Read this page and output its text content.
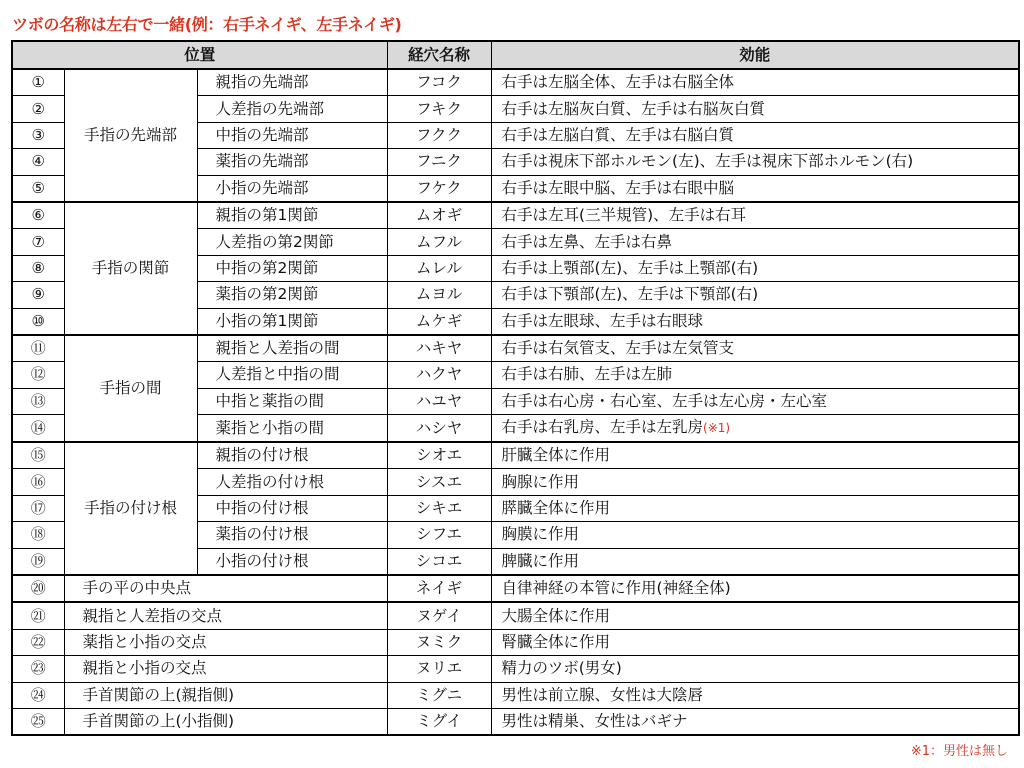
ツボの名称は左右で一緒(例：右手ネイギ、左手ネイギ)
位置			経穴名称	効能
①	手指の先端部	親指の先端部	フコク	右手は左脳全体、左手は右脳全体
②		人差指の先端部	フキク	右手は左脳灰白質、左手は右脳灰白質
③		中指の先端部	フクク	右手は左脳白質、左手は右脳白質
④		薬指の先端部	フニク	右手は視床下部ホルモン(左)、左手は視床下部ホルモン(右)
⑤		小指の先端部	フケク	右手は左眼中脳、左手は右眼中脳
⑥	手指の関節	親指の第1関節	ムオギ	右手は左耳(三半規管)、左手は右耳
⑦		人差指の第2関節	ムフル	右手は左鼻、左手は右鼻
⑧		中指の第2関節	ムレル	右手は上顎部(左)、左手は上顎部(右)
⑨		薬指の第2関節	ムヨル	右手は下顎部(左)、左手は下顎部(右)
⑩		小指の第1関節	ムケギ	右手は左眼球、左手は右眼球
⑪	手指の間	親指と人差指の間	ハキヤ	右手は右気管支、左手は左気管支
⑫		人差指と中指の間	ハクヤ	右手は右肺、左手は左肺
⑬		中指と薬指の間	ハユヤ	右手は右心房・右心室、左手は左心房・左心室
⑭		薬指と小指の間	ハシヤ	右手は右乳房、左手は左乳房(※1)
⑮	手指の付け根	親指の付け根	シオエ	肝臓全体に作用
⑯		人差指の付け根	シスエ	胸腺に作用
⑰		中指の付け根	シキエ	膵臓全体に作用
⑱		薬指の付け根	シフエ	胸膜に作用
⑲		小指の付け根	シコエ	脾臓に作用
⑳	手の平の中央点		ネイギ	自律神経の本管に作用(神経全体)
㉑	親指と人差指の交点		ヌゲイ	大腸全体に作用
㉒	薬指と小指の交点		ヌミク	腎臓全体に作用
㉓	親指と小指の交点		ヌリエ	精力のツボ(男女)
㉔	手首関節の上(親指側)		ミグニ	男性は前立腺、女性は大陰唇
㉕	手首関節の上(小指側)		ミグイ	男性は精巣、女性はバギナ
※1：男性は無し
